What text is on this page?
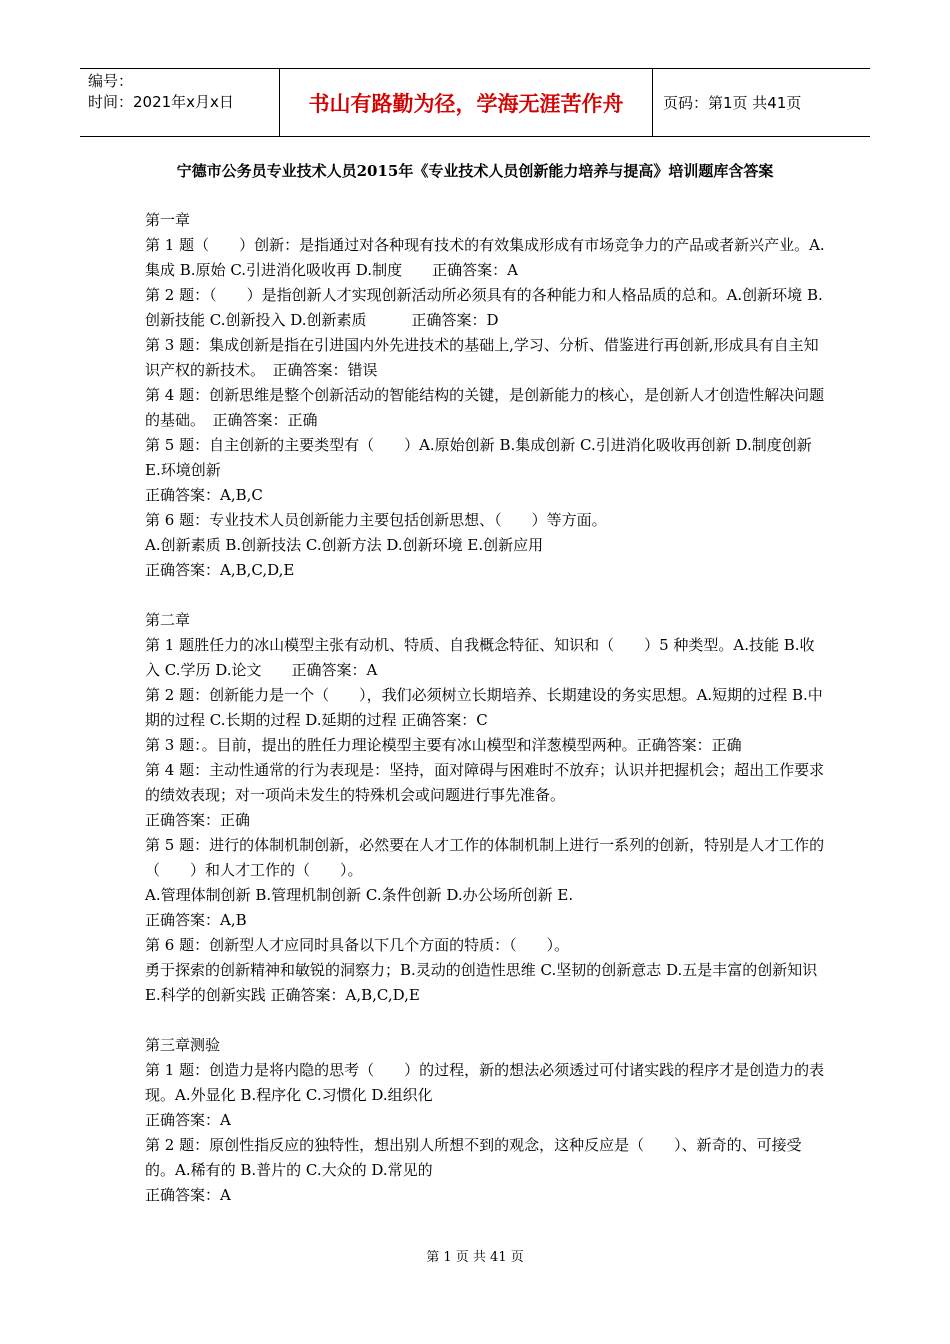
编号：
时间：2021年x月x日	书山有路勤为径，学海无涯苦作舟	页码：第1页 共41页
宁德市公务员专业技术人员2015年《专业技术人员创新能力培养与提高》培训题库含答案

第一章

第 1 题（　　）创新：是指通过对各种现有技术的有效集成形成有市场竞争力的产品或者新兴产业。A.集成 B.原始 C.引进消化吸收再 D.制度　　正确答案：A

第 2 题：（　　）是指创新人才实现创新活动所必须具有的各种能力和人格品质的总和。A.创新环境 B.创新技能 C.创新投入 D.创新素质　　　正确答案：D

第 3 题：集成创新是指在引进国内外先进技术的基础上,学习、分析、借鉴进行再创新,形成具有自主知识产权的新技术。　正确答案：错误

第 4 题：创新思维是整个创新活动的智能结构的关键，是创新能力的核心，是创新人才创造性解决问题的基础。　正确答案：正确

第 5 题：自主创新的主要类型有（　　）A.原始创新 B.集成创新 C.引进消化吸收再创新 D.制度创新 E.环境创新

正确答案：A,B,C

第 6 题：专业技术人员创新能力主要包括创新思想、（　　）等方面。

A.创新素质 B.创新技法 C.创新方法 D.创新环境 E.创新应用

正确答案：A,B,C,D,E

第二章

第 1 题胜任力的冰山模型主张有动机、特质、自我概念特征、知识和（　　）5 种类型。A.技能 B.收入 C.学历 D.论文　　正确答案：A

第 2 题：创新能力是一个（　　），我们必须树立长期培养、长期建设的务实思想。A.短期的过程 B.中期的过程 C.长期的过程 D.延期的过程 正确答案：C

第 3 题：。目前，提出的胜任力理论模型主要有冰山模型和洋葱模型两种。正确答案：正确

第 4 题：主动性通常的行为表现是：坚持，面对障碍与困难时不放弃；认识并把握机会；超出工作要求的绩效表现；对一项尚未发生的特殊机会或问题进行事先准备。

正确答案：正确

第 5 题：进行的体制机制创新，必然要在人才工作的体制机制上进行一系列的创新，特别是人才工作的（　　）和人才工作的（　　）。

A.管理体制创新 B.管理机制创新 C.条件创新 D.办公场所创新 E.

正确答案：A,B

第 6 题：创新型人才应同时具备以下几个方面的特质：（　　）。

勇于探索的创新精神和敏锐的洞察力；B.灵动的创造性思维 C.坚韧的创新意志 D.五是丰富的创新知识 E.科学的创新实践 正确答案：A,B,C,D,E

第三章测验

第 1 题：创造力是将内隐的思考（　　）的过程，新的想法必须透过可付诸实践的程序才是创造力的表现。A.外显化 B.程序化 C.习惯化 D.组织化

正确答案：A

第 2 题：原创性指反应的独特性，想出别人所想不到的观念，这种反应是（　　）、新奇的、可接受的。A.稀有的 B.普片的 C.大众的 D.常见的

正确答案：A

第 1 页 共 41 页
